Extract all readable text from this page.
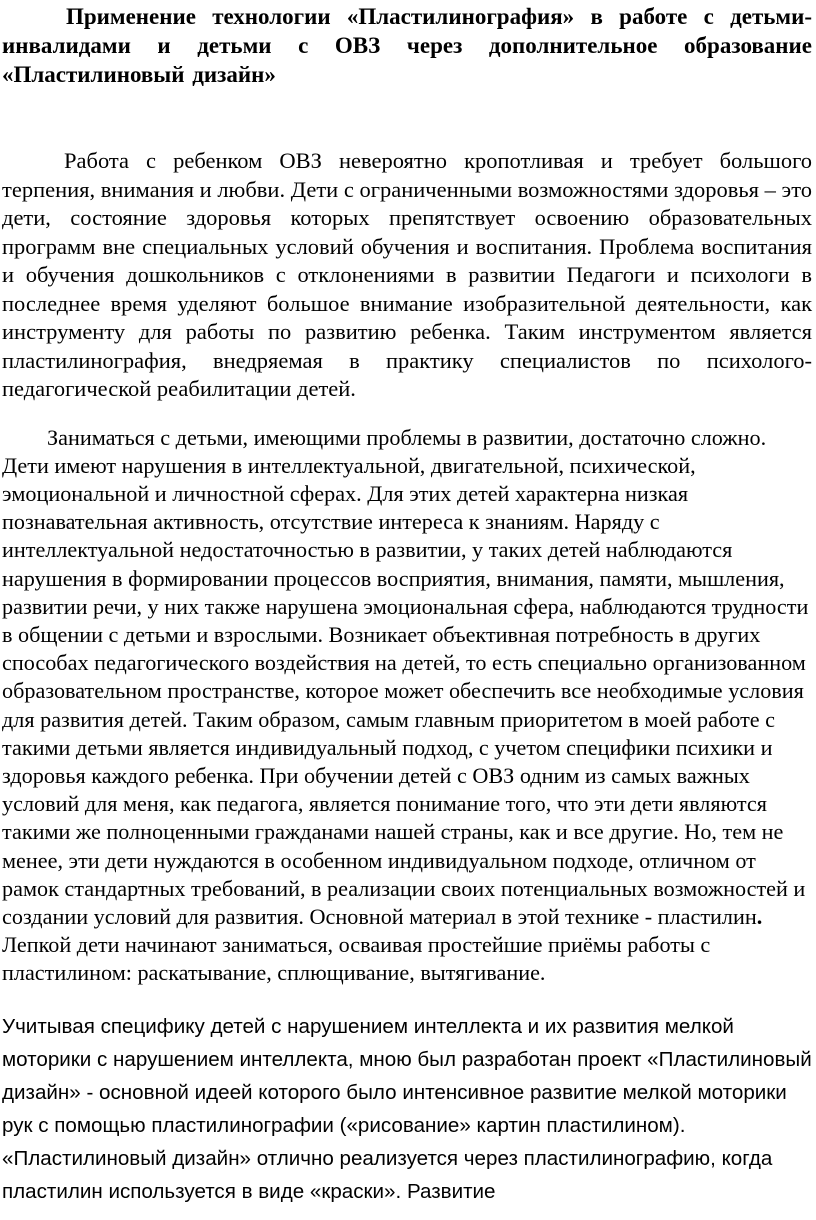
Применение технологии «Пластилинография» в работе с детьми-инвалидами и детьми с ОВЗ через дополнительное образование «Пластилиновый дизайн»

Работа с ребенком ОВЗ невероятно кропотливая и требует большого терпения, внимания и любви. Дети с ограниченными возможностями здоровья – это дети, состояние здоровья которых препятствует освоению образовательных программ вне специальных условий обучения и воспитания. Проблема воспитания и обучения дошкольников с отклонениями в развитии Педагоги и психологи в последнее время уделяют большое внимание изобразительной деятельности, как инструменту для работы по развитию ребенка. Таким инструментом является пластилинография, внедряемая в практику специалистов по психолого-педагогической реабилитации детей.

Заниматься с детьми, имеющими проблемы в развитии, достаточно сложно. Дети имеют нарушения в интеллектуальной, двигательной, психической, эмоциональной и личностной сферах. Для этих детей характерна низкая познавательная активность, отсутствие интереса к знаниям. Наряду с интеллектуальной недостаточностью в развитии, у таких детей наблюдаются нарушения в формировании процессов восприятия, внимания, памяти, мышления, развитии речи, у них также нарушена эмоциональная сфера, наблюдаются трудности в общении с детьми и взрослыми. Возникает объективная потребность в других способах педагогического воздействия на детей, то есть специально организованном образовательном пространстве, которое может обеспечить все необходимые условия для развития детей. Таким образом, самым главным приоритетом в моей работе с такими детьми является индивидуальный подход, с учетом специфики психики и здоровья каждого ребенка. При обучении детей с ОВЗ одним из самых важных условий для меня, как педагога, является понимание того, что эти дети являются такими же полноценными гражданами нашей страны, как и все другие. Но, тем не менее, эти дети нуждаются в особенном индивидуальном подходе, отличном от рамок стандартных требований, в реализации своих потенциальных возможностей и создании условий для развития. Основной материал в этой технике - пластилин. Лепкой дети начинают заниматься, осваивая простейшие приёмы работы с пластилином: раскатывание, сплющивание, вытягивание.

Учитывая специфику детей с нарушением интеллекта и их развития мелкой моторики с нарушением интеллекта, мною был разработан проект «Пластилиновый дизайн» - основной идеей которого было интенсивное развитие мелкой моторики рук с помощью пластилинографии («рисование» картин пластилином). «Пластилиновый дизайн» отлично реализуется через пластилинографию, когда пластилин используется в виде «краски». Развитие
